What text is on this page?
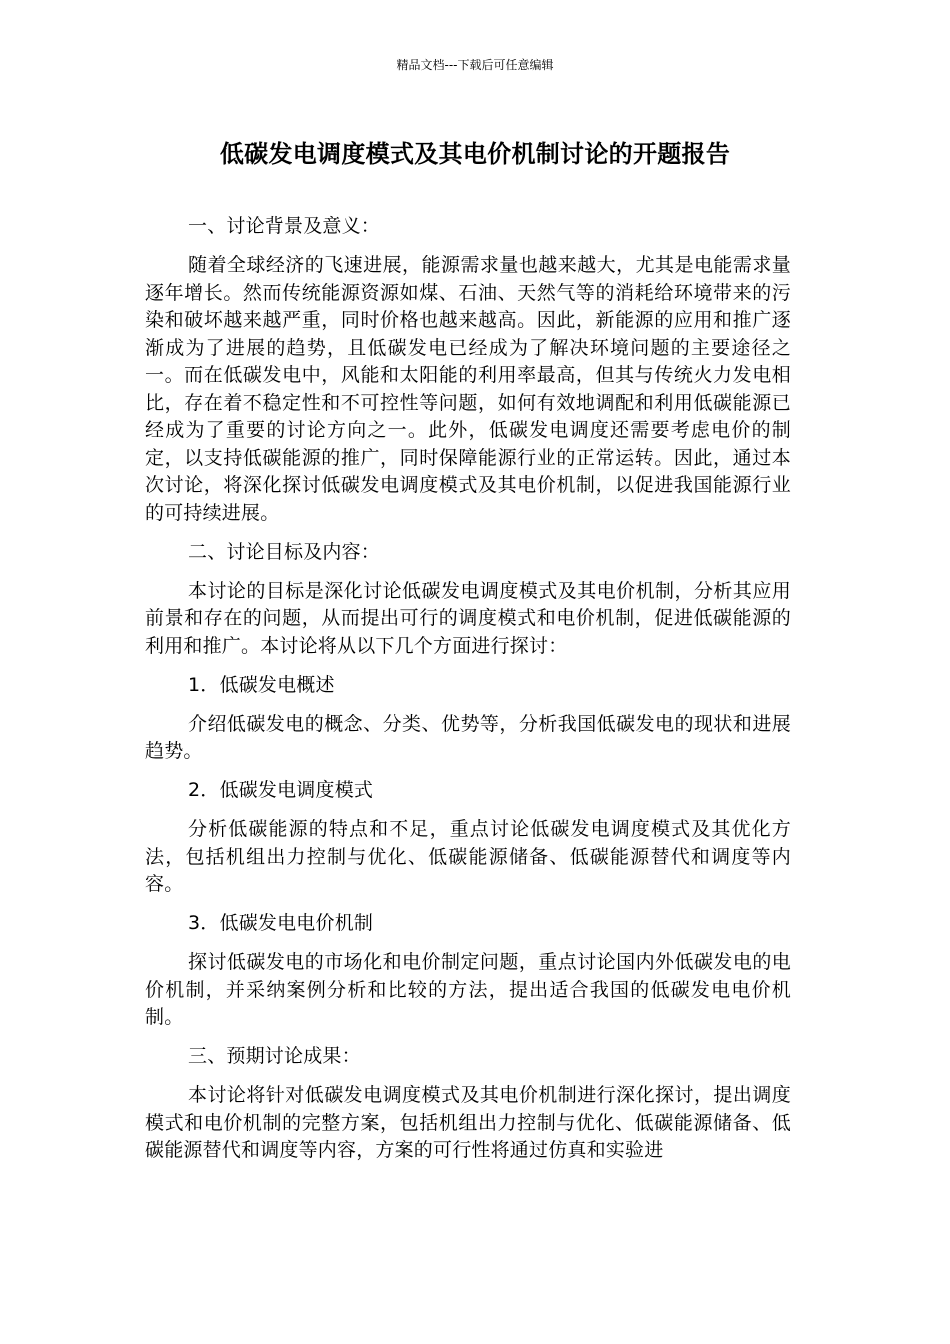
精品文档---下载后可任意编辑
低碳发电调度模式及其电价机制讨论的开题报告

一、讨论背景及意义：

随着全球经济的飞速进展，能源需求量也越来越大，尤其是电能需求量逐年增长。然而传统能源资源如煤、石油、天然气等的消耗给环境带来的污染和破坏越来越严重，同时价格也越来越高。因此，新能源的应用和推广逐渐成为了进展的趋势，且低碳发电已经成为了解决环境问题的主要途径之一。而在低碳发电中，风能和太阳能的利用率最高，但其与传统火力发电相比，存在着不稳定性和不可控性等问题，如何有效地调配和利用低碳能源已经成为了重要的讨论方向之一。此外，低碳发电调度还需要考虑电价的制定，以支持低碳能源的推广，同时保障能源行业的正常运转。因此，通过本次讨论，将深化探讨低碳发电调度模式及其电价机制，以促进我国能源行业的可持续进展。

二、讨论目标及内容：

本讨论的目标是深化讨论低碳发电调度模式及其电价机制，分析其应用前景和存在的问题，从而提出可行的调度模式和电价机制，促进低碳能源的利用和推广。本讨论将从以下几个方面进行探讨：

1．低碳发电概述

介绍低碳发电的概念、分类、优势等，分析我国低碳发电的现状和进展趋势。

2．低碳发电调度模式

分析低碳能源的特点和不足，重点讨论低碳发电调度模式及其优化方法，包括机组出力控制与优化、低碳能源储备、低碳能源替代和调度等内容。

3．低碳发电电价机制

探讨低碳发电的市场化和电价制定问题，重点讨论国内外低碳发电的电价机制，并采纳案例分析和比较的方法，提出适合我国的低碳发电电价机制。

三、预期讨论成果：

本讨论将针对低碳发电调度模式及其电价机制进行深化探讨，提出调度模式和电价机制的完整方案，包括机组出力控制与优化、低碳能源储备、低碳能源替代和调度等内容，方案的可行性将通过仿真和实验进
